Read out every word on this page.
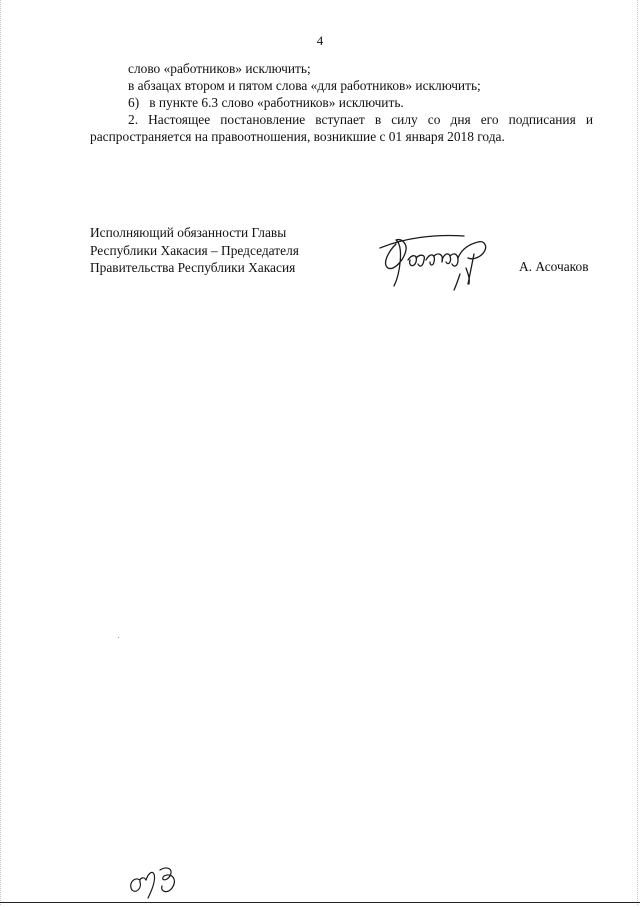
4

слово «работников» исключить;

в абзацах втором и пятом слова «для работников» исключить;

6)   в пункте 6.3 слово «работников» исключить.

2. Настоящее постановление вступает в силу со дня его подписания и распространяется на правоотношения, возникшие с 01 января 2018 года.

Исполняющий обязанности Главы
Республики Хакасия – Председателя
Правительства Республики Хакасия	А. Асочаков
